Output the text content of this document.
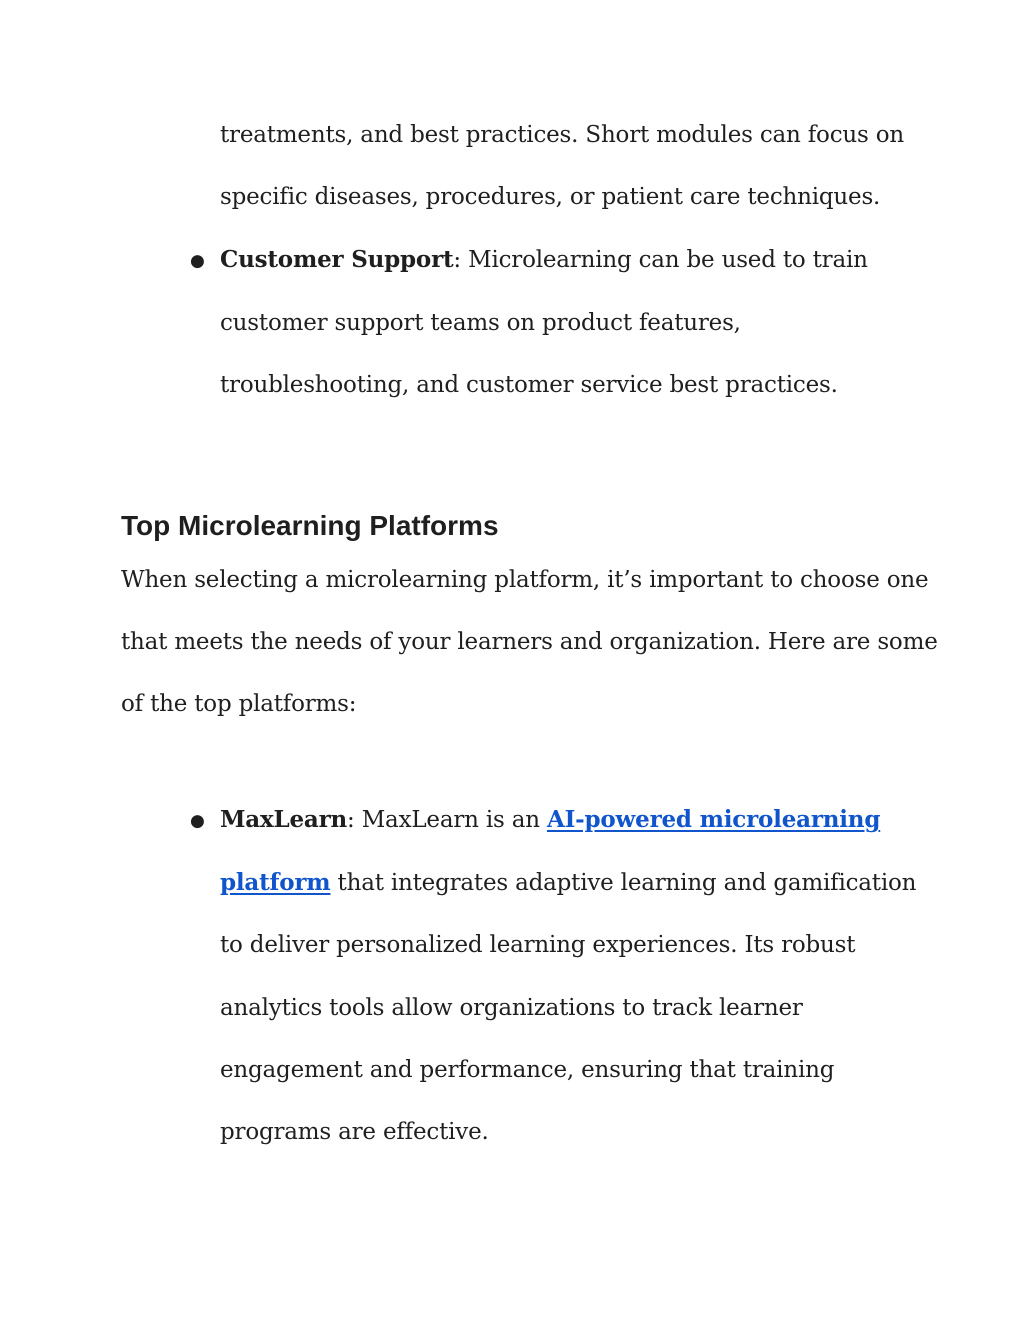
treatments, and best practices. Short modules can focus on
specific diseases, procedures, or patient care techniques.
● Customer Support: Microlearning can be used to train
customer support teams on product features,
troubleshooting, and customer service best practices.
Top Microlearning Platforms
When selecting a microlearning platform, it’s important to choose one
that meets the needs of your learners and organization. Here are some
of the top platforms:
● MaxLearn: MaxLearn is an AI-powered microlearning
platform that integrates adaptive learning and gamification
to deliver personalized learning experiences. Its robust
analytics tools allow organizations to track learner
engagement and performance, ensuring that training
programs are effective.
